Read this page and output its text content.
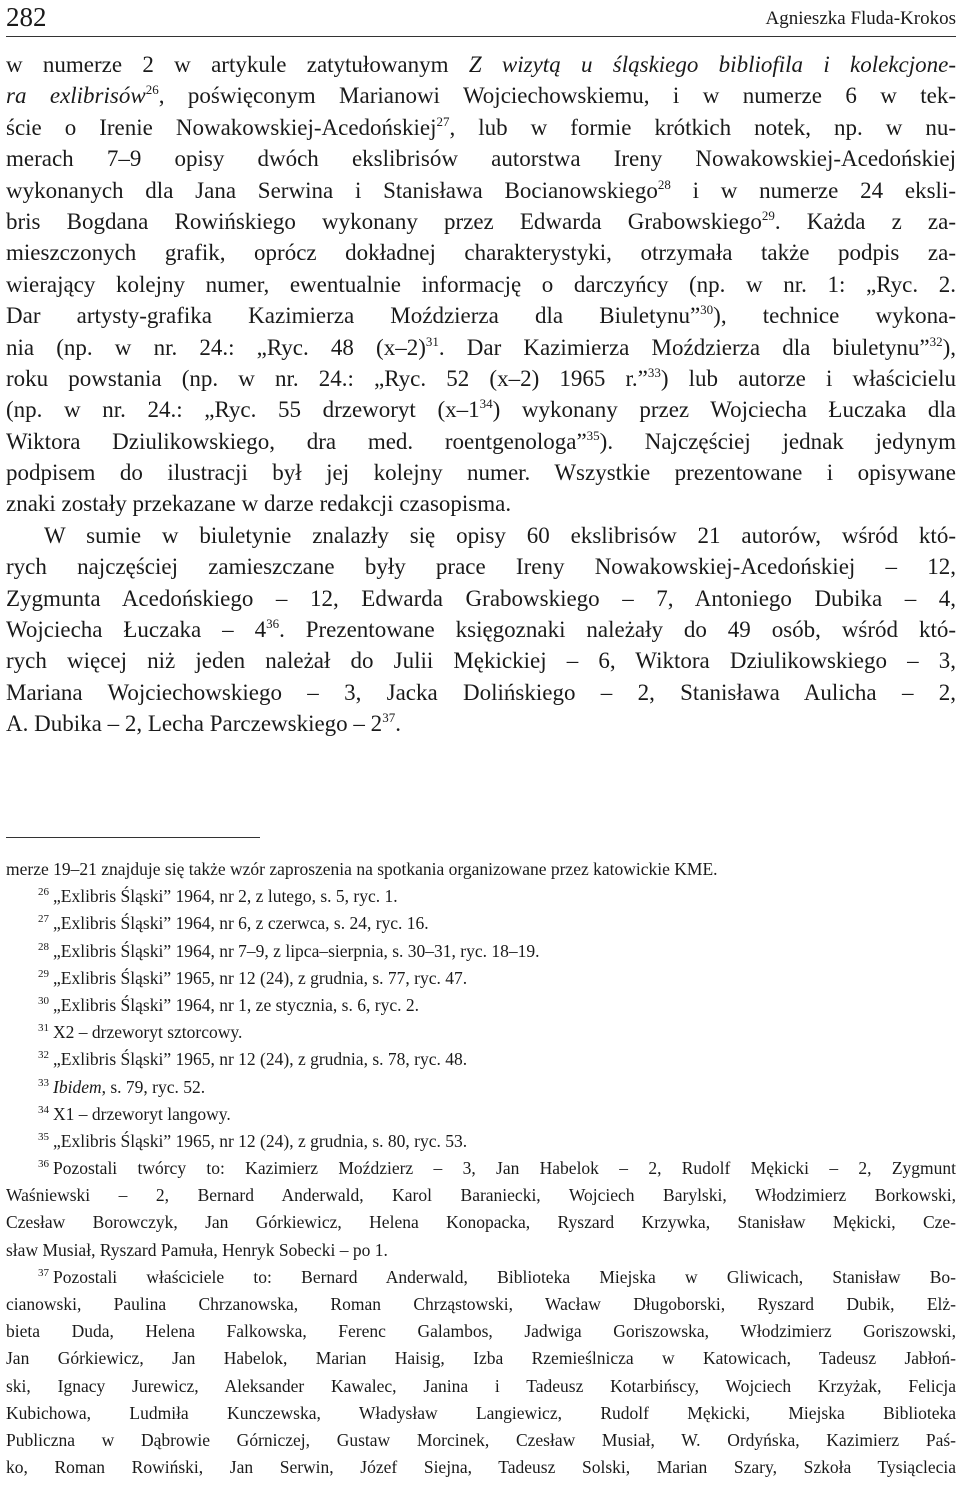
282	Agnieszka Fluda-Krokos
w numerze 2 w artykule zatytułowanym Z wizytą u śląskiego bibliofila i kolekcjone-
ra exlibrisów$^{26}$, poświęconym Marianowi Wojciechowskiemu, i w numerze 6 w tek-
ście o Irenie Nowakowskiej-Acedońskiej$^{27}$, lub w formie krótkich notek, np. w nu-
merach 7–9 opisy dwóch ekslibrisów autorstwa Ireny Nowakowskiej-Acedońskiej
wykonanych dla Jana Serwina i Stanisława Bocianowskiego$^{28}$ i w numerze 24 eksli-
bris Bogdana Rowińskiego wykonany przez Edwarda Grabowskiego$^{29}$. Każda z za-
mieszczonych grafik, oprócz dokładnej charakterystyki, otrzymała także podpis za-
wierający kolejny numer, ewentualnie informację o darczyńcy (np. w nr. 1: „Ryc. 2.
Dar artysty-grafika Kazimierza Moździerza dla Biuletynu”$^{30}$), technice wykona-
nia (np. w nr. 24.: „Ryc. 48 $(x-2)^{31}$. Dar Kazimierza Moździerza dla biuletynu”$^{32}$),
roku powstania (np. w nr. 24.: „Ryc. 52 (x–2) 1965 r.”$^{33}$) lub autorze i właścicielu
(np. w nr. 24.: „Ryc. 55 drzeworyt $(x-1^{34})$ wykonany przez Wojciecha Łuczaka dla
Wiktora Dziulikowskiego, dra med. roentgenologa”$^{35}$). Najczęściej jednak jedynym
podpisem do ilustracji był jej kolejny numer. Wszystkie prezentowane i opisywane
znaki zostały przekazane w darze redakcji czasopisma.
W sumie w biuletynie znalazły się opisy 60 ekslibrisów 21 autorów, wśród któ-
rych najczęściej zamieszczane były prace Ireny Nowakowskiej-Acedońskiej – 12,
Zygmunta Acedońskiego – 12, Edwarda Grabowskiego – 7, Antoniego Dubika – 4,
Wojciecha Łuczaka – $4^{36}$. Prezentowane księgoznaki należały do 49 osób, wśród któ-
rych więcej niż jeden należał do Julii Mękickiej – 6, Wiktora Dziulikowskiego – 3,
Mariana Wojciechowskiego – 3, Jacka Dolińskiego – 2, Stanisława Aulicha – 2,
A. Dubika – 2, Lecha Parczewskiego – $2^{37}$.
merze 19–21 znajduje się także wzór zaproszenia na spotkania organizowane przez katowickie KME.
$^{26}$ „Exlibris Śląski” 1964, nr 2, z lutego, s. 5, ryc. 1.
$^{27}$ „Exlibris Śląski” 1964, nr 6, z czerwca, s. 24, ryc. 16.
$^{28}$ „Exlibris Śląski” 1964, nr 7–9, z lipca–sierpnia, s. 30–31, ryc. 18–19.
$^{29}$ „Exlibris Śląski” 1965, nr 12 (24), z grudnia, s. 77, ryc. 47.
$^{30}$ „Exlibris Śląski” 1964, nr 1, ze stycznia, s. 6, ryc. 2.
$^{31}$ X2 – drzeworyt sztorcowy.
$^{32}$ „Exlibris Śląski” 1965, nr 12 (24), z grudnia, s. 78, ryc. 48.
$^{33}$ Ibidem, s. 79, ryc. 52.
$^{34}$ X1 – drzeworyt langowy.
$^{35}$ „Exlibris Śląski” 1965, nr 12 (24), z grudnia, s. 80, ryc. 53.
$^{36}$ Pozostali twórcy to: Kazimierz Moździerz – 3, Jan Habelok – 2, Rudolf Mękicki – 2, Zygmunt
Waśniewski – 2, Bernard Anderwald, Karol Baraniecki, Wojciech Barylski, Włodzimierz Borkowski,
Czesław Borowczyk, Jan Górkiewicz, Helena Konopacka, Ryszard Krzywka, Stanisław Mękicki, Cze-
sław Musiał, Ryszard Pamuła, Henryk Sobecki – po 1.
$^{37}$ Pozostali właściciele to: Bernard Anderwald, Biblioteka Miejska w Gliwicach, Stanisław Bo-
cianowski, Paulina Chrzanowska, Roman Chrząstowski, Wacław Długoborski, Ryszard Dubik, Elż-
bieta Duda, Helena Falkowska, Ferenc Galambos, Jadwiga Goriszowska, Włodzimierz Goriszowski,
Jan Górkiewicz, Jan Habelok, Marian Haisig, Izba Rzemieślnicza w Katowicach, Tadeusz Jabłoń-
ski, Ignacy Jurewicz, Aleksander Kawalec, Janina i Tadeusz Kotarbińscy, Wojciech Krzyżak, Felicja
Kubichowa, Ludmiła Kunczewska, Władysław Langiewicz, Rudolf Mękicki, Miejska Biblioteka
Publiczna w Dąbrowie Górniczej, Gustaw Morcinek, Czesław Musiał, W. Ordyńska, Kazimierz Paś-
ko, Roman Rowiński, Jan Serwin, Józef Siejna, Tadeusz Solski, Marian Szary, Szkoła Tysiąclecia
